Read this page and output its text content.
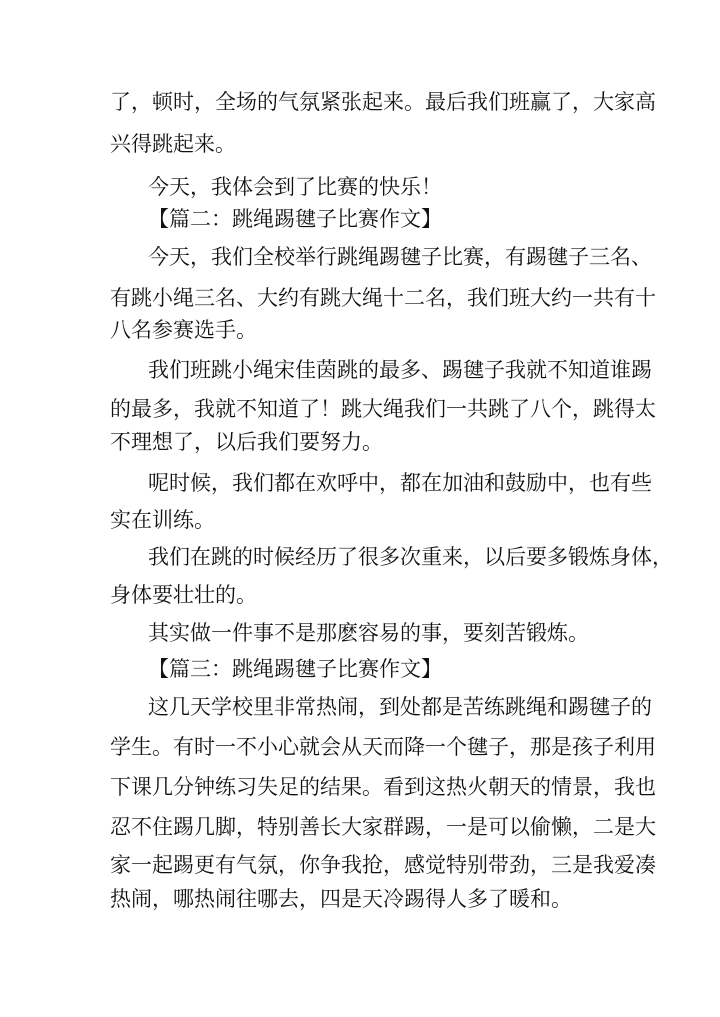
了，顿时，全场的气氛紧张起来。最后我们班赢了，大家高
兴得跳起来。
今天，我体会到了比赛的快乐！
【篇二：跳绳踢毽子比赛作文】
今天，我们全校举行跳绳踢毽子比赛，有踢毽子三名、
有跳小绳三名、大约有跳大绳十二名，我们班大约一共有十
八名参赛选手。
我们班跳小绳宋佳茵跳的最多、踢毽子我就不知道谁踢
的最多，我就不知道了！跳大绳我们一共跳了八个，跳得太
不理想了，以后我们要努力。
呢时候，我们都在欢呼中，都在加油和鼓励中，也有些
实在训练。
我们在跳的时候经历了很多次重来，以后要多锻炼身体，
身体要壮壮的。
其实做一件事不是那麽容易的事，要刻苦锻炼。
【篇三：跳绳踢毽子比赛作文】
这几天学校里非常热闹，到处都是苦练跳绳和踢毽子的
学生。有时一不小心就会从天而降一个毽子，那是孩子利用
下课几分钟练习失足的结果。看到这热火朝天的情景，我也
忍不住踢几脚，特别善长大家群踢，一是可以偷懒，二是大
家一起踢更有气氛，你争我抢，感觉特别带劲，三是我爱凑
热闹，哪热闹往哪去，四是天冷踢得人多了暖和。
